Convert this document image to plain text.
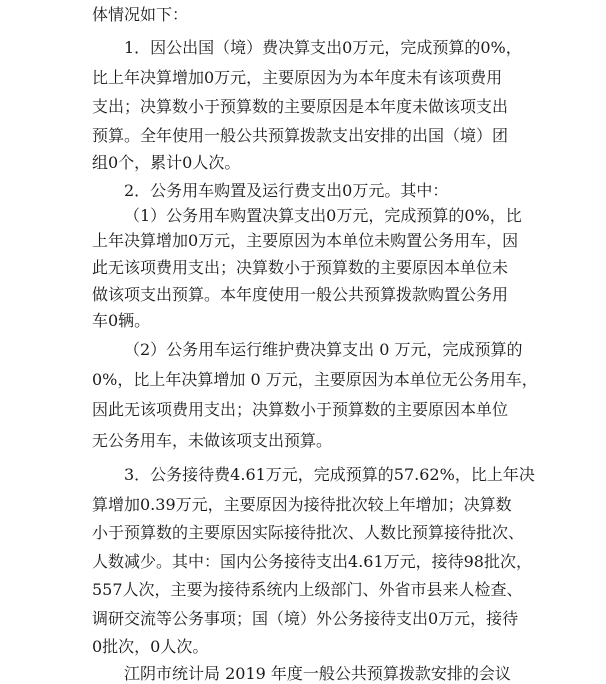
体情况如下：
1．因公出国（境）费决算支出0万元，完成预算的0%，
比上年决算增加0万元，主要原因为为本年度未有该项费用
支出；决算数小于预算数的主要原因是本年度未做该项支出
预算。全年使用一般公共预算拨款支出安排的出国（境）团
组0个，累计0人次。
2．公务用车购置及运行费支出0万元。其中：
（1）公务用车购置决算支出0万元，完成预算的0%，比
上年决算增加0万元，主要原因为本单位未购置公务用车，因
此无该项费用支出；决算数小于预算数的主要原因本单位未
做该项支出预算。本年度使用一般公共预算拨款购置公务用
车0辆。
（2）公务用车运行维护费决算支出 0 万元，完成预算的
0%，比上年决算增加 0 万元，主要原因为本单位无公务用车，
因此无该项费用支出；决算数小于预算数的主要原因本单位
无公务用车，未做该项支出预算。
3．公务接待费4.61万元，完成预算的57.62%，比上年决
算增加0.39万元，主要原因为接待批次较上年增加；决算数
小于预算数的主要原因实际接待批次、人数比预算接待批次、
人数减少。其中：国内公务接待支出4.61万元，接待98批次，
557人次，主要为接待系统内上级部门、外省市县来人检查、
调研交流等公务事项；国（境）外公务接待支出0万元，接待
0批次，0人次。
江阴市统计局 2019 年度一般公共预算拨款安排的会议
